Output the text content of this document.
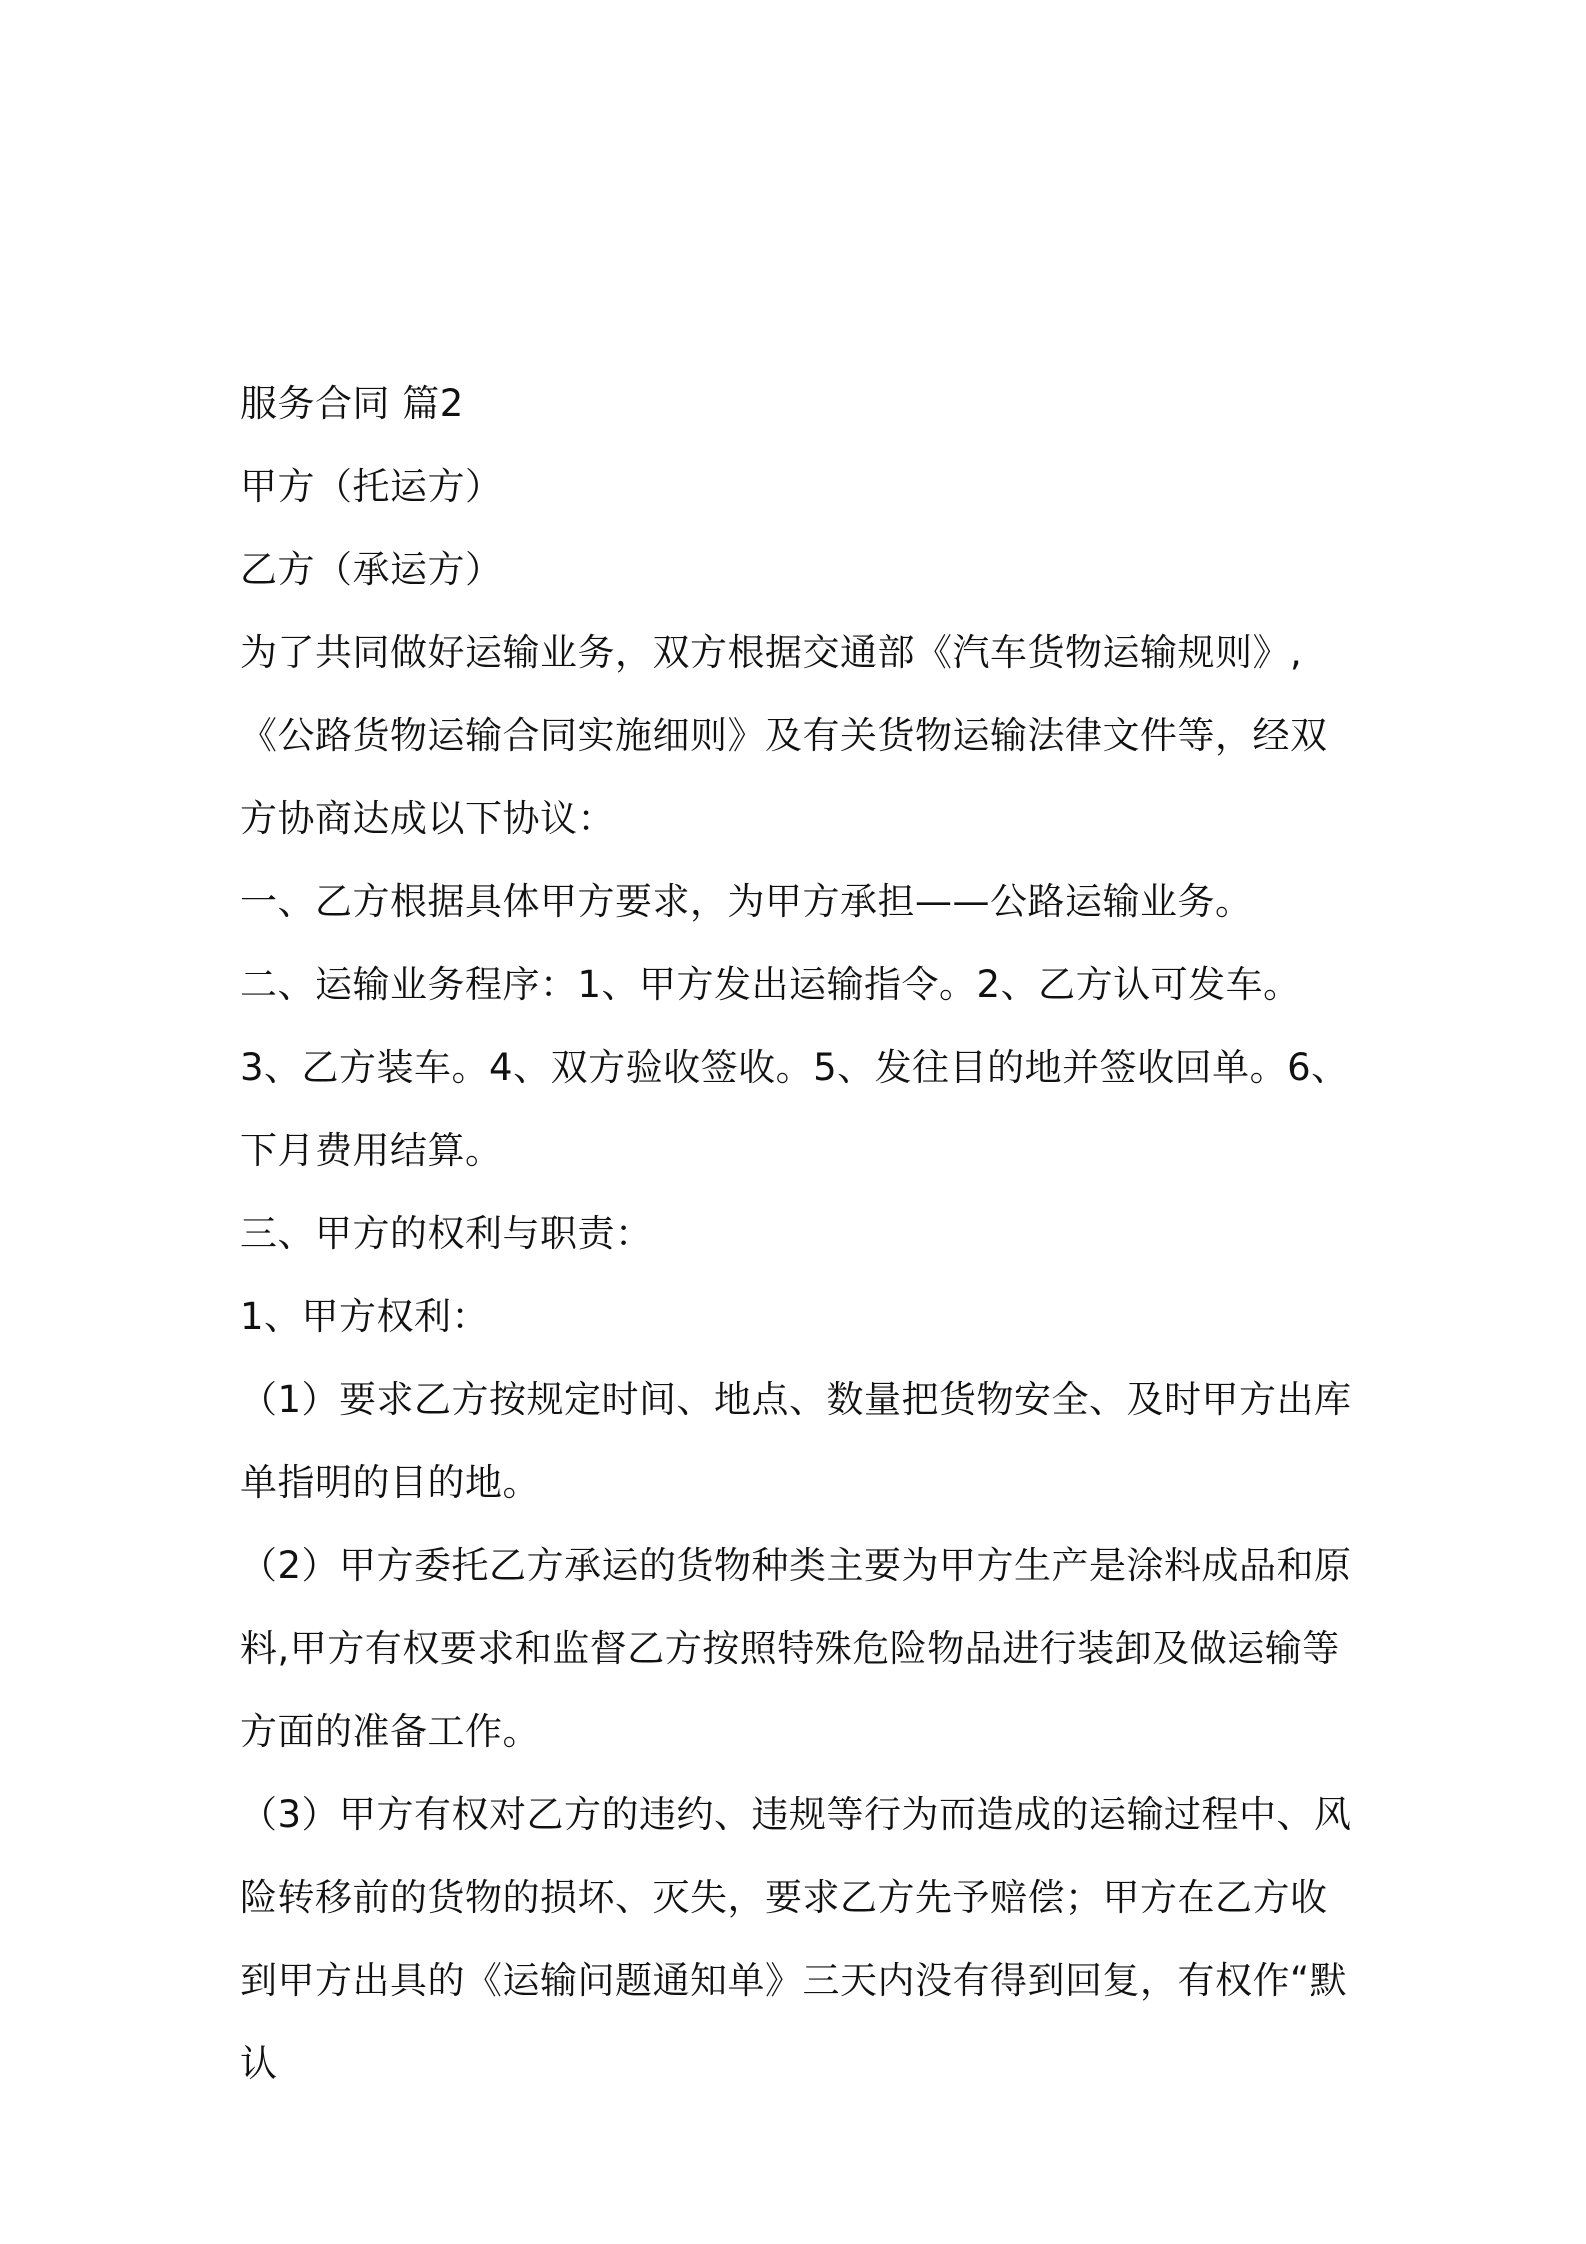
服务合同 篇2

甲方（托运方）

乙方（承运方）

为了共同做好运输业务，双方根据交通部《汽车货物运输规则》,《公路货物运输合同实施细则》及有关货物运输法律文件等，经双方协商达成以下协议：

一、乙方根据具体甲方要求，为甲方承担——公路运输业务。

二、运输业务程序：1、甲方发出运输指令。2、乙方认可发车。3、乙方装车。4、双方验收签收。5、发往目的地并签收回单。6、下月费用结算。

三、甲方的权利与职责：

1、甲方权利：

（1）要求乙方按规定时间、地点、数量把货物安全、及时甲方出库单指明的目的地。

（2）甲方委托乙方承运的货物种类主要为甲方生产是涂料成品和原料,甲方有权要求和监督乙方按照特殊危险物品进行装卸及做运输等方面的准备工作。

（3）甲方有权对乙方的违约、违规等行为而造成的运输过程中、风险转移前的货物的损坏、灭失，要求乙方先予赔偿；甲方在乙方收到甲方出具的《运输问题通知单》三天内没有得到回复，有权作“默认
